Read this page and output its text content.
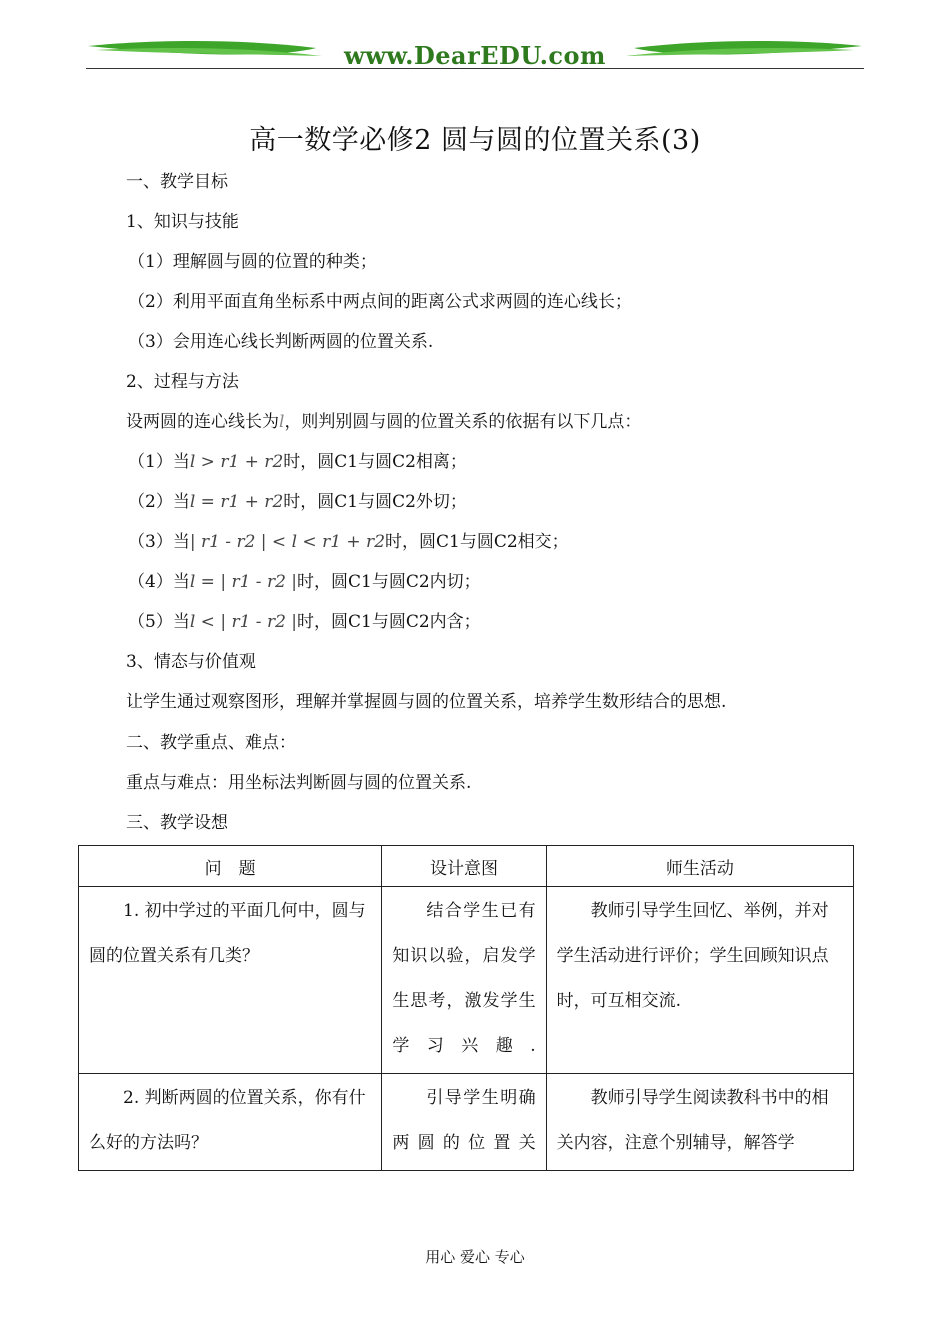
www.DearEDU.com
高一数学必修2 圆与圆的位置关系(3)
一、教学目标
1、知识与技能
（1）理解圆与圆的位置的种类；
（2）利用平面直角坐标系中两点间的距离公式求两圆的连心线长；
（3）会用连心线长判断两圆的位置关系.
2、过程与方法
设两圆的连心线长为l，则判别圆与圆的位置关系的依据有以下几点：
（1）当l > r1 + r2时，圆C1与圆C2相离；
（2）当l = r1 + r2时，圆C1与圆C2外切；
（3）当| r1 - r2 | < l < r1 + r2时，圆C1与圆C2相交；
（4）当l = | r1 - r2 |时，圆C1与圆C2内切；
（5）当l < | r1 - r2 |时，圆C1与圆C2内含；
3、情态与价值观
让学生通过观察图形，理解并掌握圆与圆的位置关系，培养学生数形结合的思想.
二、教学重点、难点：
重点与难点：用坐标法判断圆与圆的位置关系.
三、教学设想
问　题	设计意图	师生活动

1. 初中学过的平面几何中，圆与圆的位置关系有几类？	结合学生已有知识以验，启发学生思考，激发学生学习兴趣.	教师引导学生回忆、举例，并对学生活动进行评价；学生回顾知识点时，可互相交流.

2. 判断两圆的位置关系，你有什么好的方法吗？	引导学生明确两圆的位置关	教师引导学生阅读教科书中的相关内容，注意个别辅导，解答学
用心 爱心 专心
